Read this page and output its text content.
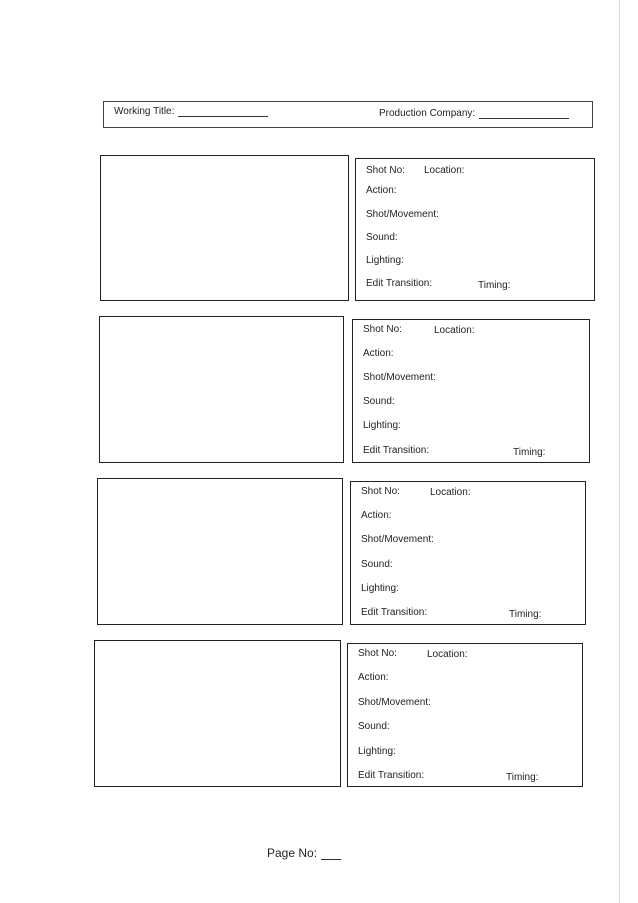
Working Title:	Production Company:
Shot No: Location:
Action:
Shot/Movement:
Sound:
Lighting:
Edit Transition:	Timing:
Shot No:	Location:
Action:
Shot/Movement:
Sound:
Lighting:
Edit Transition:	Timing:
Shot No:	Location:
Action:
Shot/Movement:
Sound:
Lighting:
Edit Transition:	Timing:
Shot No:	Location:
Action:
Shot/Movement:
Sound:
Lighting:
Edit Transition:	Timing:
Page No:
